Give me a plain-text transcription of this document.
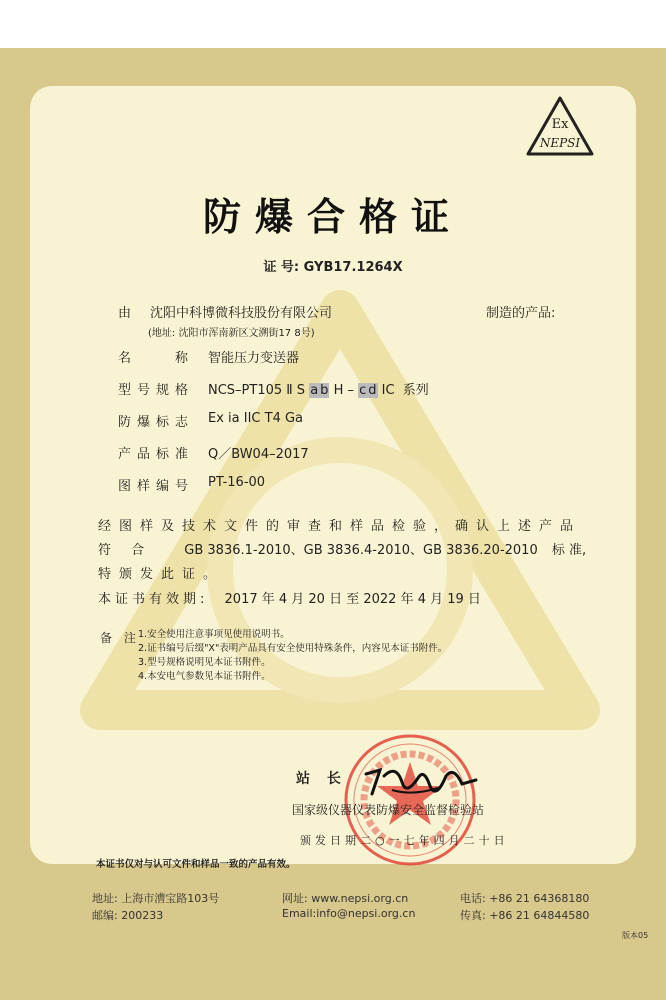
Ex
NEPSI
防爆合格证
证 号: GYB17.1264X
由 沈阳中科博微科技股份有限公司	制造的产品:
(地址: 沈阳市浑南新区文溯街17 8号)
名　　称 智能压力变送器
型号规格 NCS–PT105 Ⅱ S a b H – c d IC 系列
防爆标志 Ex ia IIC T4 Ga
产品标准 Q／BW04–2017
图样编号 PT-16-00
经图样及技术文件的审查和样品检验，确认上述产品
符 合 GB 3836.1-2010、GB 3836.4-2010、GB 3836.20-2010 标 准,
特颁发此证。
本证书有效期: 2017 年 4 月 20 日 至 2022 年 4 月 19 日
备 注
1.安全使用注意事项见使用说明书。
2.证书编号后缀"X"表明产品具有安全使用特殊条件，内容见本证书附件。
3.型号规格说明见本证书附件。
4.本安电气参数见本证书附件。
站 长
国家级仪器仪表防爆安全监督检验站
颁发日期二○一七年四月二十日
本证书仅对与认可文件和样品一致的产品有效。
地址: 上海市漕宝路103号
邮编: 200233
网址: www.nepsi.org.cn
Email:info@nepsi.org.cn
电话: +86 21 64368180
传真: +86 21 64844580
版本05
